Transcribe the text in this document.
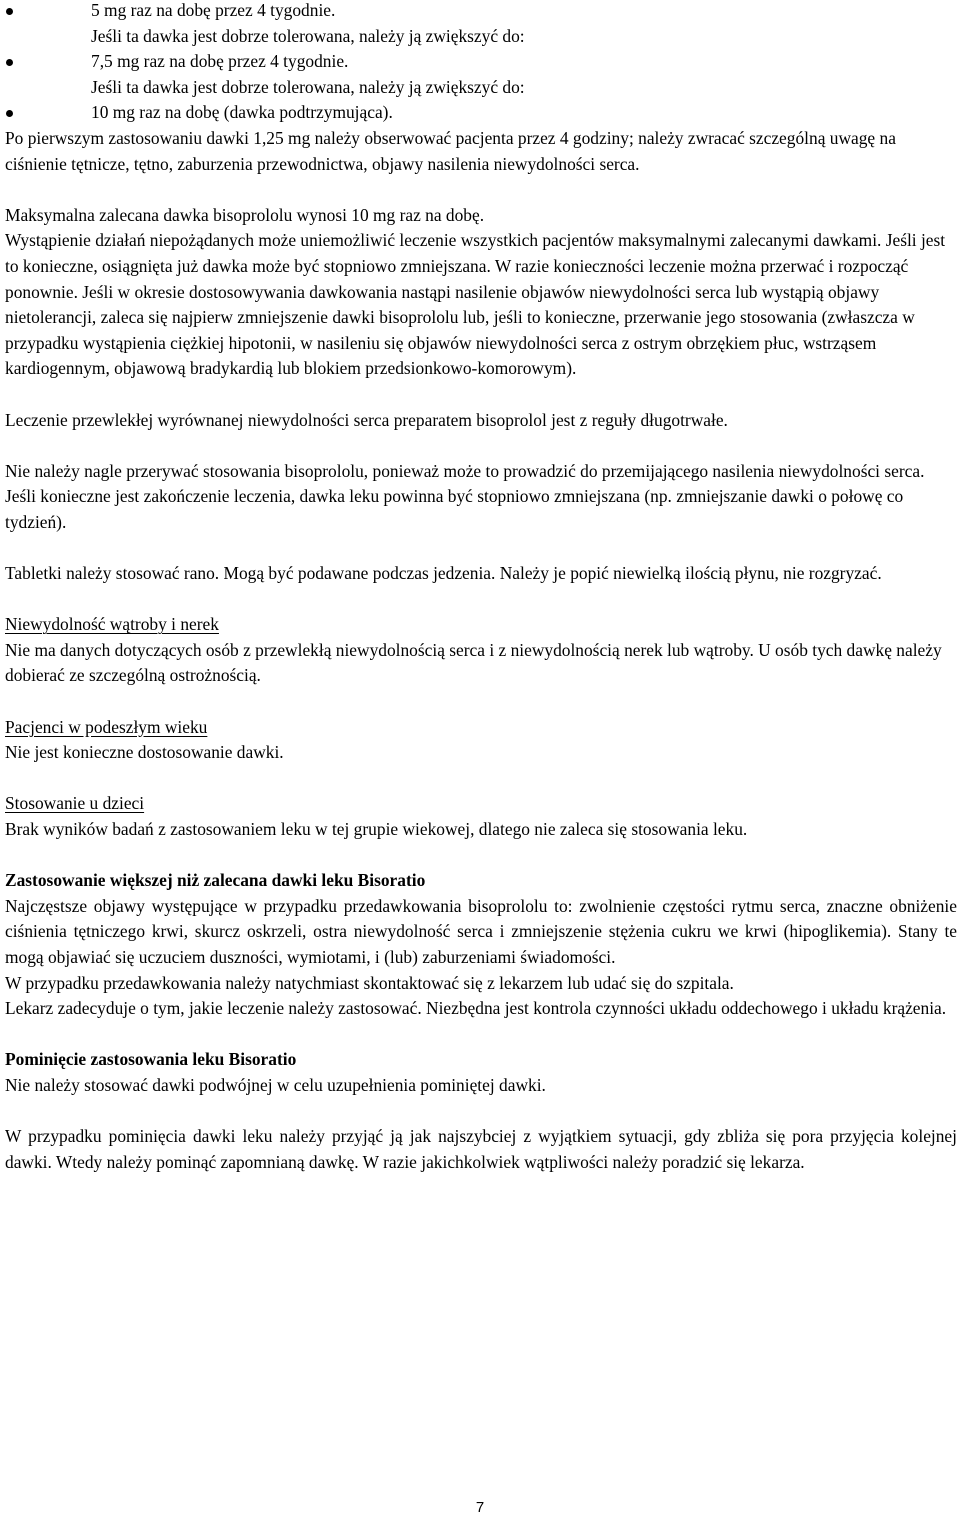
5 mg raz na dobę przez 4 tygodnie.
Jeśli ta dawka jest dobrze tolerowana, należy ją zwiększyć do:
7,5 mg raz na dobę przez 4 tygodnie.
Jeśli ta dawka jest dobrze tolerowana, należy ją zwiększyć do:
10 mg raz na dobę (dawka podtrzymująca).

Po pierwszym zastosowaniu dawki 1,25 mg należy obserwować pacjenta przez 4 godziny; należy zwracać szczególną uwagę na ciśnienie tętnicze, tętno, zaburzenia przewodnictwa, objawy nasilenia niewydolności serca.

Maksymalna zalecana dawka bisoprololu wynosi 10 mg raz na dobę.

Wystąpienie działań niepożądanych może uniemożliwić leczenie wszystkich pacjentów maksymalnymi zalecanymi dawkami. Jeśli jest to konieczne, osiągnięta już dawka może być stopniowo zmniejszana. W razie konieczności leczenie można przerwać i rozpocząć ponownie. Jeśli w okresie dostosowywania dawkowania nastąpi nasilenie objawów niewydolności serca lub wystąpią objawy nietolerancji, zaleca się najpierw zmniejszenie dawki bisoprololu lub, jeśli to konieczne, przerwanie jego stosowania (zwłaszcza w przypadku wystąpienia ciężkiej hipotonii, w nasileniu się objawów niewydolności serca z ostrym obrzękiem płuc, wstrząsem kardiogennym, objawową bradykardią lub blokiem przedsionkowo-komorowym).

Leczenie przewlekłej wyrównanej niewydolności serca preparatem bisoprolol jest z reguły długotrwałe.

Nie należy nagle przerywać stosowania bisoprololu, ponieważ może to prowadzić do przemijającego nasilenia niewydolności serca. Jeśli konieczne jest zakończenie leczenia, dawka leku powinna być stopniowo zmniejszana (np. zmniejszanie dawki o połowę co tydzień).

Tabletki należy stosować rano. Mogą być podawane podczas jedzenia. Należy je popić niewielką ilością płynu, nie rozgryzać.

Niewydolność wątroby i nerek

Nie ma danych dotyczących osób z przewlekłą niewydolnością serca i z niewydolnością nerek lub wątroby. U osób tych dawkę należy dobierać ze szczególną ostrożnością.

Pacjenci w podeszłym wieku

Nie jest konieczne dostosowanie dawki.

Stosowanie u dzieci

Brak wyników badań z zastosowaniem leku w tej grupie wiekowej, dlatego nie zaleca się stosowania leku.

Zastosowanie większej niż zalecana dawki leku Bisoratio

Najczęstsze objawy występujące w przypadku przedawkowania bisoprololu to: zwolnienie częstości rytmu serca, znaczne obniżenie ciśnienia tętniczego krwi, skurcz oskrzeli, ostra niewydolność serca i zmniejszenie stężenia cukru we krwi (hipoglikemia). Stany te mogą objawiać się uczuciem duszności, wymiotami, i (lub) zaburzeniami świadomości.

W przypadku przedawkowania należy natychmiast skontaktować się z lekarzem lub udać się do szpitala.

Lekarz zadecyduje o tym, jakie leczenie należy zastosować. Niezbędna jest kontrola czynności układu oddechowego i układu krążenia.

Pominięcie zastosowania leku Bisoratio

Nie należy stosować dawki podwójnej w celu uzupełnienia pominiętej dawki.

W przypadku pominięcia dawki leku należy przyjąć ją jak najszybciej z wyjątkiem sytuacji, gdy zbliża się pora przyjęcia kolejnej dawki. Wtedy należy pominąć zapomnianą dawkę. W razie jakichkolwiek wątpliwości należy poradzić się lekarza.

7
